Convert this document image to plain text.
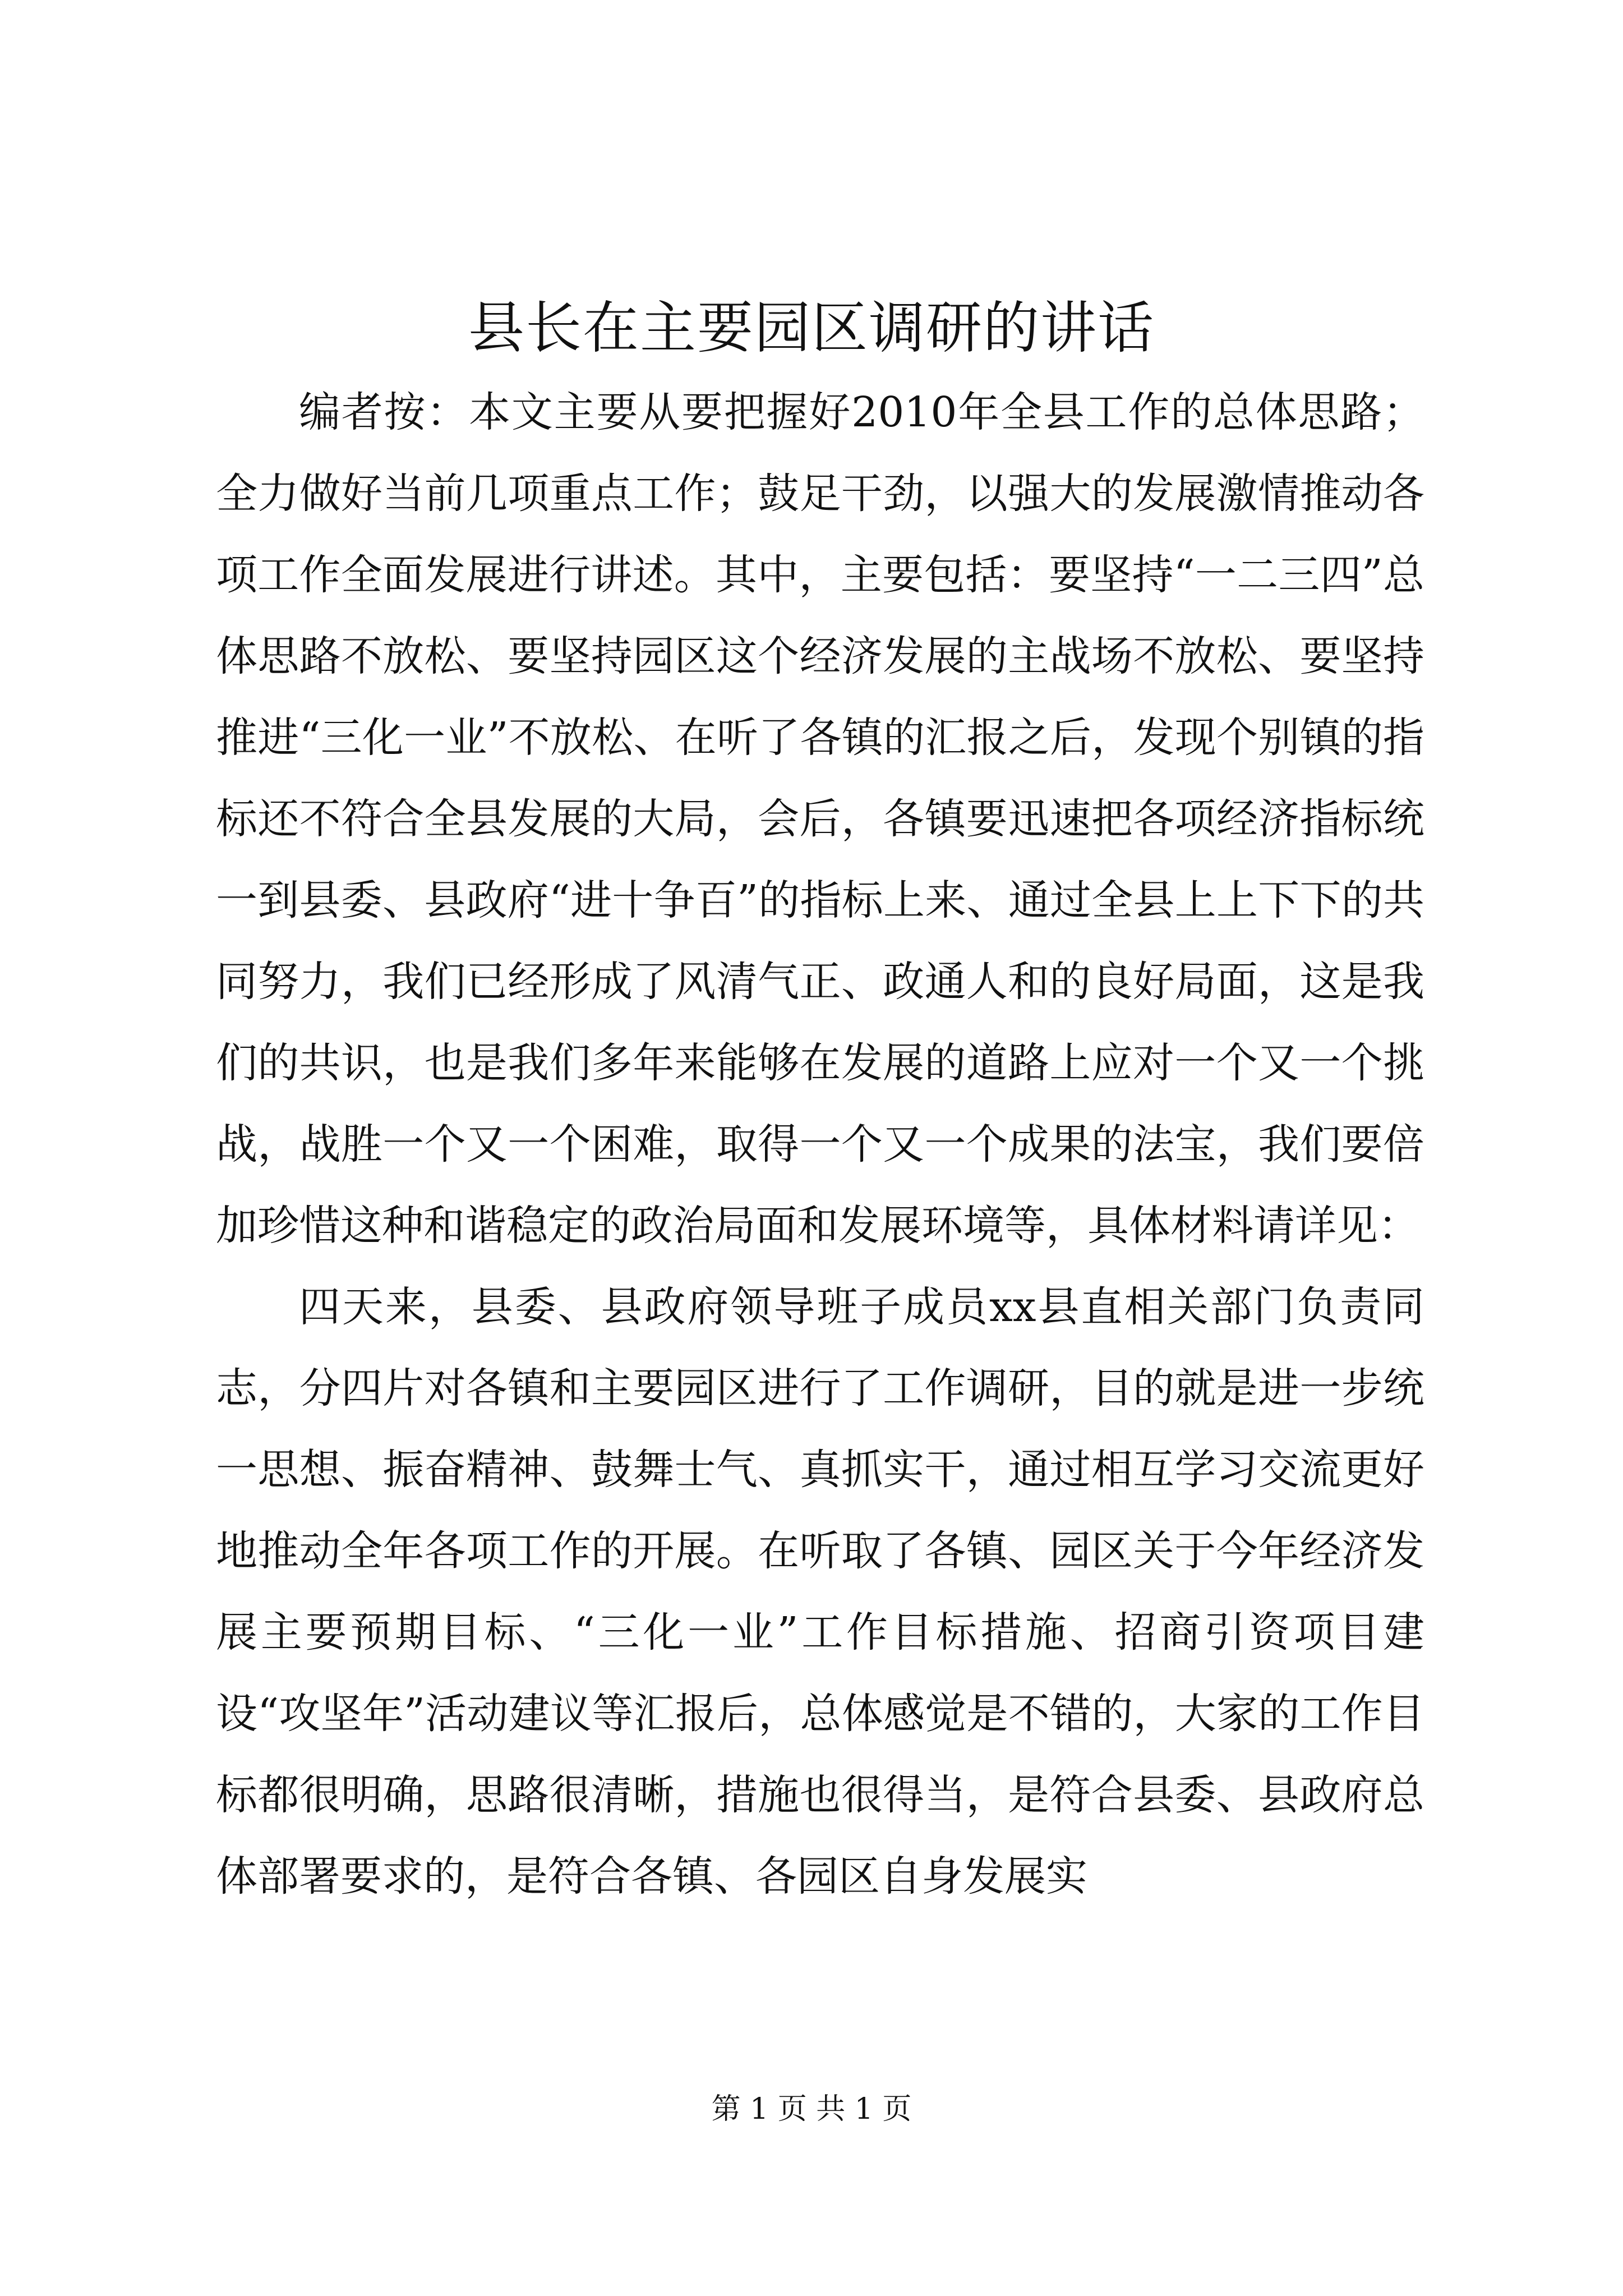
县长在主要园区调研的讲话

编者按：本文主要从要把握好2010年全县工作的总体思路；全力做好当前几项重点工作；鼓足干劲，以强大的发展激情推动各项工作全面发展进行讲述。其中，主要包括：要坚持“一二三四”总体思路不放松、要坚持园区这个经济发展的主战场不放松、要坚持推进“三化一业”不放松、在听了各镇的汇报之后，发现个别镇的指标还不符合全县发展的大局，会后，各镇要迅速把各项经济指标统一到县委、县政府“进十争百”的指标上来、通过全县上上下下的共同努力，我们已经形成了风清气正、政通人和的良好局面，这是我们的共识，也是我们多年来能够在发展的道路上应对一个又一个挑战，战胜一个又一个困难，取得一个又一个成果的法宝，我们要倍加珍惜这种和谐稳定的政治局面和发展环境等，具体材料请详见：

四天来，县委、县政府领导班子成员xx县直相关部门负责同志，分四片对各镇和主要园区进行了工作调研，目的就是进一步统一思想、振奋精神、鼓舞士气、真抓实干，通过相互学习交流更好地推动全年各项工作的开展。在听取了各镇、园区关于今年经济发展主要预期目标、“三化一业”工作目标措施、招商引资项目建设“攻坚年”活动建议等汇报后，总体感觉是不错的，大家的工作目标都很明确，思路很清晰，措施也很得当，是符合县委、县政府总体部署要求的，是符合各镇、各园区自身发展实

第 1 页 共 1 页
